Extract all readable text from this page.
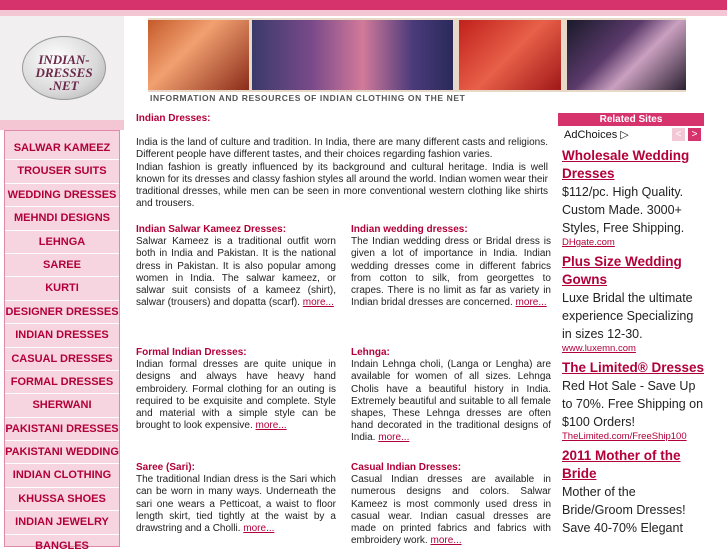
INDIAN-
DRESSES
.NET
SALWAR KAMEEZ
TROUSER SUITS
WEDDING DRESSES
MEHNDI DESIGNS
LEHNGA
SAREE
KURTI
DESIGNER DRESSES
INDIAN DRESSES
CASUAL DRESSES
FORMAL DRESSES
SHERWANI
PAKISTANI DRESSES
PAKISTANI WEDDING
INDIAN CLOTHING
KHUSSA SHOES
INDIAN JEWELRY
BANGLES
INFORMATION AND RESOURCES OF INDIAN CLOTHING ON THE NET
Indian Dresses:

India is the land of culture and tradition. In India, there are many different casts and religions. Different people have different tastes, and their choices regarding fashion varies.

Indian fashion is greatly influenced by its background and cultural heritage. India is well known for its dresses and classy fashion styles all around the world. Indian women wear their traditional dresses, while men can be seen in more conventional western clothing like shirts and trousers.

Indian Salwar Kameez Dresses:
Salwar Kameez is a traditional outfit worn both in India and Pakistan. It is the national dress in Pakistan. It is also popular among women in India. The salwar kameez, or salwar suit consists of a kameez (shirt), salwar (trousers) and dopatta (scarf). more...
Indian wedding dresses:
The Indian wedding dress or Bridal dress is given a lot of importance in India. Indian wedding dresses come in different fabrics from cotton to silk, from georgettes to crapes. There is no limit as far as variety in Indian bridal dresses are concerned. more...
Formal Indian Dresses:
Indian formal dresses are quite unique in designs and always have heavy hand embroidery. Formal clothing for an outing is required to be exquisite and complete. Style and material with a simple style can be brought to look expensive. more...
Lehnga:
Indain Lehnga choli, (Langa or Lengha) are available for women of all sizes. Lehnga Cholis have a beautiful history in India. Extremely beautiful and suitable to all female shapes, These Lehnga dresses are often hand decorated in the traditional designs of India. more...
Saree (Sari):
The traditional Indian dress is the Sari which can be worn in many ways. Underneath the sari one wears a Petticoat, a waist to floor length skirt, tied tightly at the waist by a drawstring and a Cholli. more...
Casual Indian Dresses:
Casual Indian dresses are available in numerous designs and colors. Salwar Kameez is most commonly used dress in casual wear. Indian casual dresses are made on printed fabrics and fabrics with embroidery work. more...
Related Sites
AdChoices ▷	<	>
Wholesale Wedding Dresses
$112/pc. High Quality. Custom Made. 3000+ Styles, Free Shipping.
DHgate.com
Plus Size Wedding Gowns
Luxe Bridal the ultimate experience Specializing in sizes 12-30.
www.luxemn.com
The Limited® Dresses
Red Hot Sale - Save Up to 70%. Free Shipping on $100 Orders!
TheLimited.com/FreeShip100
2011 Mother of the Bride
Mother of the Bride/Groom Dresses! Save 40-70% Elegant
